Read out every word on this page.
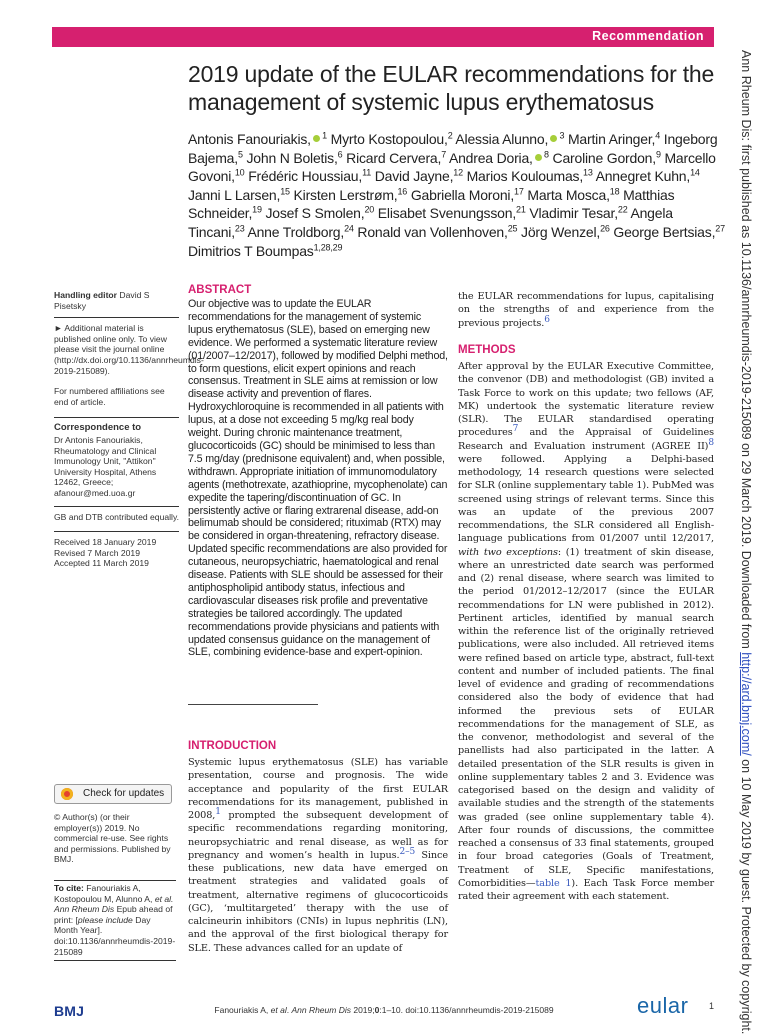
Recommendation
2019 update of the EULAR recommendations for the management of systemic lupus erythematosus
Antonis Fanouriakis, $^1$ Myrto Kostopoulou,$^2$ Alessia Alunno, $^3$ Martin Aringer,$^4$ Ingeborg Bajema,$^5$ John N Boletis,$^6$ Ricard Cervera,$^7$ Andrea Doria, $^8$ Caroline Gordon,$^9$ Marcello Govoni,$^{10}$ Frédéric Houssiau,$^{11}$ David Jayne,$^{12}$ Marios Kouloumas,$^{13}$ Annegret Kuhn,$^{14}$ Janni L Larsen,$^{15}$ Kirsten Lerstrøm,$^{16}$ Gabriella Moroni,$^{17}$ Marta Mosca,$^{18}$ Matthias Schneider,$^{19}$ Josef S Smolen,$^{20}$ Elisabet Svenungsson,$^{21}$ Vladimir Tesar,$^{22}$ Angela Tincani,$^{23}$ Anne Troldborg,$^{24}$ Ronald van Vollenhoven,$^{25}$ Jörg Wenzel,$^{26}$ George Bertsias,$^{27}$ Dimitrios T Boumpas$^{1,28,29}$

Handling editor David S Pisetsky

► Additional material is published online only. To view please visit the journal online (http://dx.doi.org/10.1136/annrheumdis-2019-215089).

For numbered affiliations see end of article.

Correspondence to

Dr Antonis Fanouriakis, Rheumatology and Clinical Immunology Unit, "Attikon" University Hospital, Athens 12462, Greece; afanour@med.uoa.gr

GB and DTB contributed equally.

Received 18 January 2019

Revised 7 March 2019

Accepted 11 March 2019

Check for updates
© Author(s) (or their employer(s)) 2019. No commercial re-use. See rights and permissions. Published by BMJ.
To cite: Fanouriakis A, Kostopoulou M, Alunno A, et al. Ann Rheum Dis Epub ahead of print: [please include Day Month Year]. doi:10.1136/annrheumdis-2019-215089
ABSTRACT
Our objective was to update the EULAR recommendations for the management of systemic lupus erythematosus (SLE), based on emerging new evidence. We performed a systematic literature review (01/2007–12/2017), followed by modified Delphi method, to form questions, elicit expert opinions and reach consensus. Treatment in SLE aims at remission or low disease activity and prevention of flares. Hydroxychloroquine is recommended in all patients with lupus, at a dose not exceeding 5 mg/kg real body weight. During chronic maintenance treatment, glucocorticoids (GC) should be minimised to less than 7.5 mg/day (prednisone equivalent) and, when possible, withdrawn. Appropriate initiation of immunomodulatory agents (methotrexate, azathioprine, mycophenolate) can expedite the tapering/discontinuation of GC. In persistently active or flaring extrarenal disease, add-on belimumab should be considered; rituximab (RTX) may be considered in organ-threatening, refractory disease. Updated specific recommendations are also provided for cutaneous, neuropsychiatric, haematological and renal disease. Patients with SLE should be assessed for their antiphospholipid antibody status, infectious and cardiovascular diseases risk profile and preventative strategies be tailored accordingly. The updated recommendations provide physicians and patients with updated consensus guidance on the management of SLE, combining evidence-base and expert-opinion.
INTRODUCTION

Systemic lupus erythematosus (SLE) has variable presentation, course and prognosis. The wide acceptance and popularity of the first EULAR recommendations for its management, published in 2008,$^1$ prompted the subsequent development of specific recommendations regarding monitoring, neuropsychiatric and renal disease, as well as for pregnancy and women’s health in lupus.$^{2-5}$ Since these publications, new data have emerged on treatment strategies and validated goals of treatment, alternative regimens of glucocorticoids (GC), ‘multitargeted’ therapy with the use of calcineurin inhibitors (CNIs) in lupus nephritis (LN), and the approval of the first biological therapy for SLE. These advances called for an update of

the EULAR recommendations for lupus, capitalising on the strengths of and experience from the previous projects.$^6$

METHODS

After approval by the EULAR Executive Committee, the convenor (DB) and methodologist (GB) invited a Task Force to work on this update; two fellows (AF, MK) undertook the systematic literature review (SLR). The EULAR standardised operating procedures$^7$ and the Appraisal of Guidelines Research and Evaluation instrument (AGREE II)$^8$ were followed. Applying a Delphi-based methodology, 14 research questions were selected for SLR (online supplementary table 1). PubMed was screened using strings of relevant terms. Since this was an update of the previous 2007 recommendations, the SLR considered all English-language publications from 01/2007 until 12/2017, with two exceptions: (1) treatment of skin disease, where an unrestricted date search was performed and (2) renal disease, where search was limited to the period 01/2012–12/2017 (since the EULAR recommendations for LN were published in 2012). Pertinent articles, identified by manual search within the reference list of the originally retrieved publications, were also included. All retrieved items were refined based on article type, abstract, full-text content and number of included patients. The final level of evidence and grading of recommendations considered also the body of evidence that had informed the previous sets of EULAR recommendations for the management of SLE, as the convenor, methodologist and several of the panellists had also participated in the latter. A detailed presentation of the SLR results is given in online supplementary tables 2 and 3. Evidence was categorised based on the design and validity of available studies and the strength of the statements was graded (see online supplementary table 4). After four rounds of discussions, the committee reached a consensus of 33 final statements, grouped in four broad categories (Goals of Treatment, Treatment of SLE, Specific manifestations, Comorbidities—table 1). Each Task Force member rated their agreement with each statement.

Ann Rheum Dis: first published as 10.1136/annrheumdis-2019-215089 on 29 March 2019. Downloaded from http://ard.bmj.com/ on 10 May 2019 by guest. Protected by copyright.
BMJ	Fanouriakis A, et al. Ann Rheum Dis 2019;0:1–10. doi:10.1136/annrheumdis-2019-215089	eular 1
